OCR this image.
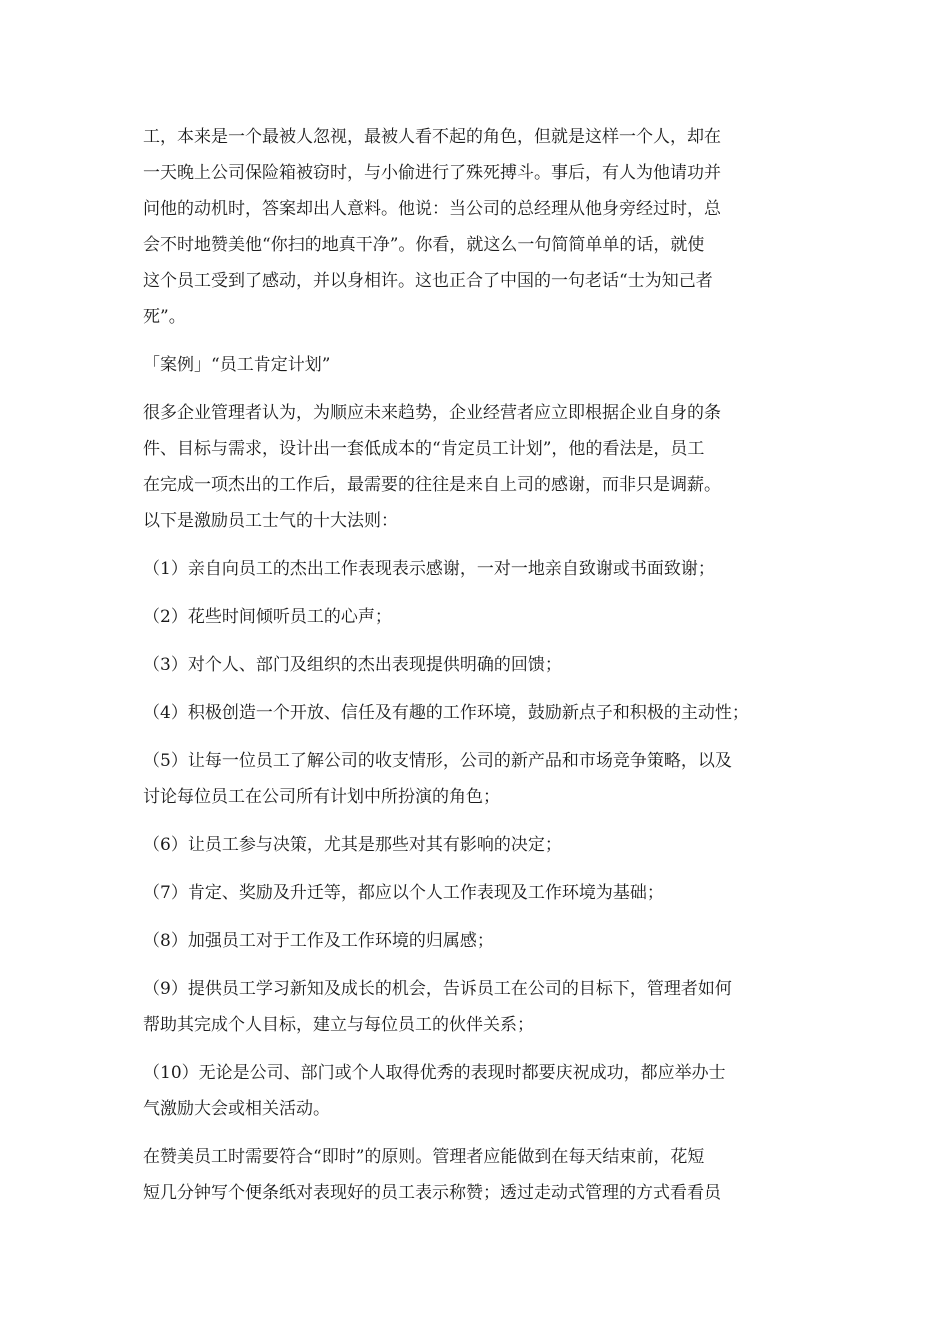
工，本来是一个最被人忽视，最被人看不起的角色，但就是这样一个人，却在
一天晚上公司保险箱被窃时，与小偷进行了殊死搏斗。事后，有人为他请功并
问他的动机时，答案却出人意料。他说：当公司的总经理从他身旁经过时，总
会不时地赞美他“你扫的地真干净”。你看，就这么一句简简单单的话，就使
这个员工受到了感动，并以身相许。这也正合了中国的一句老话“士为知己者
死”。

「案例」“员工肯定计划”

很多企业管理者认为，为顺应未来趋势，企业经营者应立即根据企业自身的条
件、目标与需求，设计出一套低成本的“肯定员工计划”，他的看法是，员工
在完成一项杰出的工作后，最需要的往往是来自上司的感谢，而非只是调薪。
以下是激励员工士气的十大法则：

（1）亲自向员工的杰出工作表现表示感谢，一对一地亲自致谢或书面致谢；

（2）花些时间倾听员工的心声；

（3）对个人、部门及组织的杰出表现提供明确的回馈；

（4）积极创造一个开放、信任及有趣的工作环境，鼓励新点子和积极的主动性；

（5）让每一位员工了解公司的收支情形，公司的新产品和市场竞争策略，以及
讨论每位员工在公司所有计划中所扮演的角色；

（6）让员工参与决策，尤其是那些对其有影响的决定；

（7）肯定、奖励及升迁等，都应以个人工作表现及工作环境为基础；

（8）加强员工对于工作及工作环境的归属感；

（9）提供员工学习新知及成长的机会，告诉员工在公司的目标下，管理者如何
帮助其完成个人目标，建立与每位员工的伙伴关系；

（10）无论是公司、部门或个人取得优秀的表现时都要庆祝成功，都应举办士
气激励大会或相关活动。

在赞美员工时需要符合“即时”的原则。管理者应能做到在每天结束前，花短
短几分钟写个便条纸对表现好的员工表示称赞；透过走动式管理的方式看看员
